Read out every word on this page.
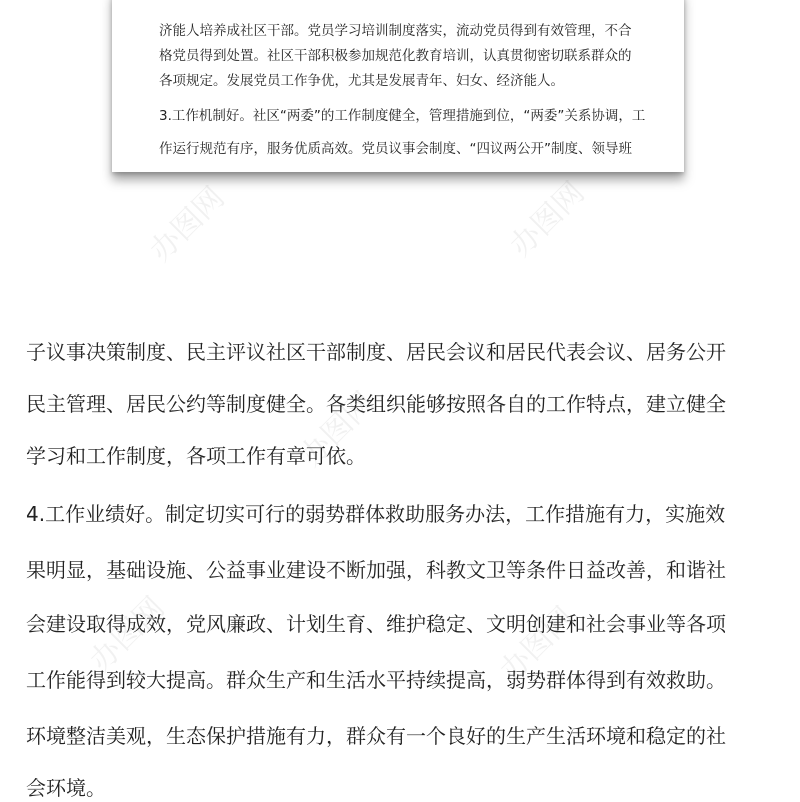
办图网	办图网
办图网
办图网	办图网
济能人培养成社区干部。党员学习培训制度落实，流动党员得到有效管理，不合
格党员得到处置。社区干部积极参加规范化教育培训，认真贯彻密切联系群众的
各项规定。发展党员工作争优，尤其是发展青年、妇女、经济能人。
3.工作机制好。社区“两委”的工作制度健全，管理措施到位，“两委”关系协调，工
作运行规范有序，服务优质高效。党员议事会制度、“四议两公开”制度、领导班
子议事决策制度、民主评议社区干部制度、居民会议和居民代表会议、居务公开
民主管理、居民公约等制度健全。各类组织能够按照各自的工作特点，建立健全
学习和工作制度，各项工作有章可依。
4.工作业绩好。制定切实可行的弱势群体救助服务办法，工作措施有力，实施效
果明显，基础设施、公益事业建设不断加强，科教文卫等条件日益改善，和谐社
会建设取得成效，党风廉政、计划生育、维护稳定、文明创建和社会事业等各项
工作能得到较大提高。群众生产和生活水平持续提高，弱势群体得到有效救助。
环境整洁美观，生态保护措施有力，群众有一个良好的生产生活环境和稳定的社
会环境。
